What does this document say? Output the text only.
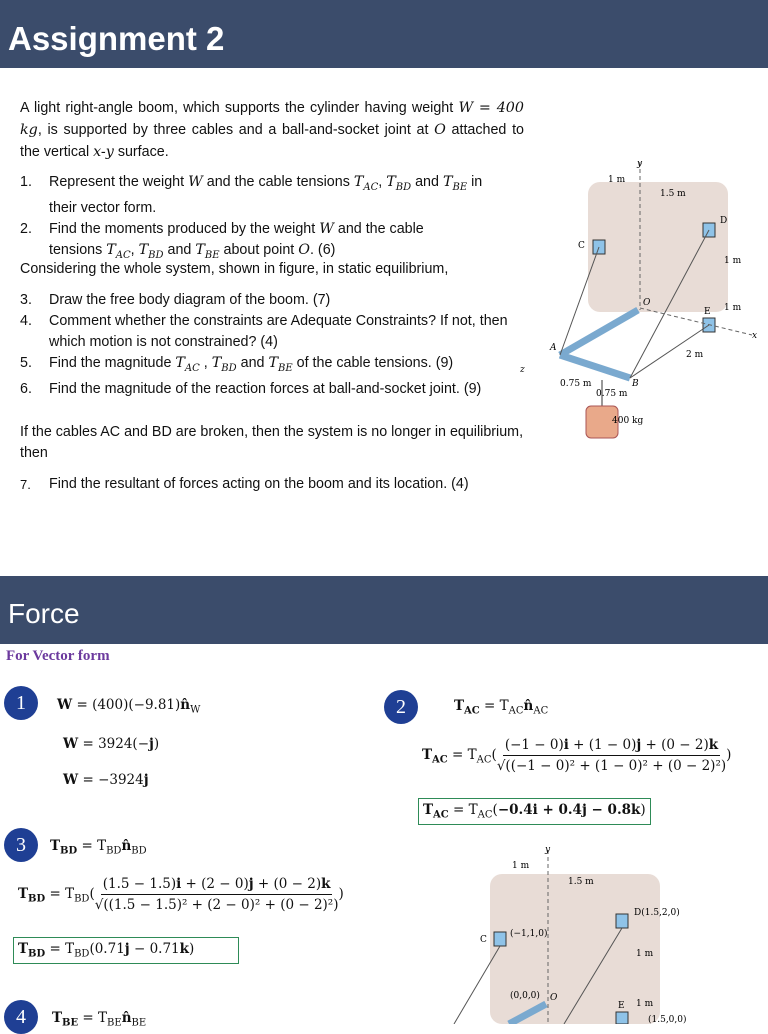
Assignment 2
A light right-angle boom, which supports the cylinder having weight W = 400 kg, is supported by three cables and a ball-and-socket joint at O attached to the vertical x-y surface.
1.	Represent the weight W and the cable tensions $T_{AC}$, $T_{BD}$ and $T_{BE}$ in
their vector form.
2.	Find the moments produced by the weight W and the cable
tensions $T_{AC}$, $T_{BD}$ and $T_{BE}$ about point O. (6)
Considering the whole system, shown in figure, in static equilibrium,
3.	Draw the free body diagram of the boom. (7)
4.	Comment whether the constraints are Adequate Constraints? If not, then which motion is not constrained? (4)
5.	Find the magnitude $T_{AC}$ , $T_{BD}$ and $T_{BE}$ of the cable tensions. (9)
6.	Find the magnitude of the reaction forces at ball-and-socket joint. (9)
If the cables AC and BD are broken, then the system is no longer in equilibrium, then
7.	Find the resultant of forces acting on the boom and its location. (4)
y
1 m
1.5 m
C
D
1 m
O
E 1 m
x
2 m
A
B
z
0.75 m
0.75 m
400 kg
Force
For Vector form
1	2
3
4
$W = (400)(-9.81)n̂_W$
W = 3924(−j)
W = −3924j
$T_{AC}$ = $T_{AC}n̂_{AC}$
$T_{AC} = T_{AC}( \frac{(-1 - 0)i + (1 - 0)j + (0 - 2)k}{\text{√((−1 − 0)² + (1 − 0)² + (0 − 2)²)}}$ )
$T_{AC} = T_{AC}(-0.4i + 0.4j - 0.8k)$
$T_{BD}$ = $T_{BD}n̂_{BD}$
$T_{BD} = T_{BD}( \frac{(1.5 - 1.5)i + (2 - 0)j + (0 - 2)k}{\text{√((1.5 − 1.5)² + (2 − 0)² + (0 − 2)²)}}$ )
$T_{BD} = T_{BD}(0.71j - 0.71k)$
$T_{BE}$ = $T_{BE}n̂_{BE}$
y
1 m
1.5 m
C
(−1,1,0)
D(1.5,2,0)
1 m
(0,0,0) O
E 1 m
(1.5,0,0)
